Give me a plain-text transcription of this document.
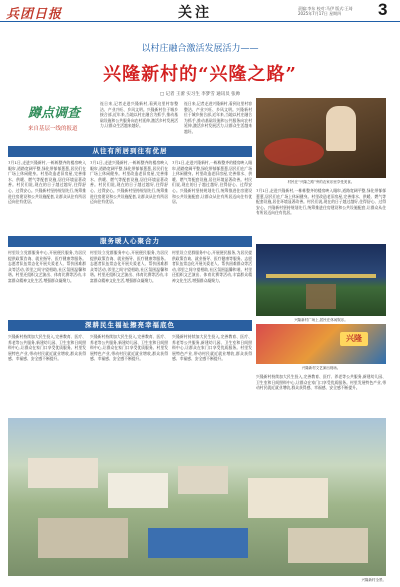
兵团日报	关注	责编:李东 校对:马伊 版式:王琦
2025年7月17日 星期四	3
以村庄融合激活发展活力——
兴隆新村的“兴隆之路”
□ 记者 王蕾 实习生 李梦雪 通讯员 张帅
蹲点调查
来自基层一线的报道
连日来,记者走进兴隆新村,看到这里村容整洁、产业兴旺、乡风文明。兴隆新村位于城乡接合部,近年来,当地以村庄融合为抓手,推动基础设施和公共服务向农村延伸,激活乡村发展活力,让群众生活越来越好。
连日来,记者走进兴隆新村,看到这里村容整洁、产业兴旺、乡风文明。兴隆新村位于城乡接合部,近年来,当地以村庄融合为抓手,推动基础设施和公共服务向农村延伸,激活乡村发展活力,让群众生活越来越好。
村民在“兴隆之路”旁的农家乐里享受美食。
从往有所居到往有优居
7月1日,走进兴隆新村,一栋栋整齐的楼房映入眼帘,道路宽阔平整,绿化带郁郁葱葱,居民们在广场上休闲健身。村里改造老旧房屋,完善排水、供暖、燃气等配套设施,居住环境显著改善。村民们说,现在的日子越过越好,住得舒心、过得安心。兴隆新村坚持规划先行,统筹推进住房建设和公共设施配套,让群众从住有所居迈向住有优居。
7月1日,走进兴隆新村,一栋栋整齐的楼房映入眼帘,道路宽阔平整,绿化带郁郁葱葱,居民们在广场上休闲健身。村里改造老旧房屋,完善排水、供暖、燃气等配套设施,居住环境显著改善。村民们说,现在的日子越过越好,住得舒心、过得安心。兴隆新村坚持规划先行,统筹推进住房建设和公共设施配套,让群众从住有所居迈向住有优居。
7月1日,走进兴隆新村,一栋栋整齐的楼房映入眼帘,道路宽阔平整,绿化带郁郁葱葱,居民们在广场上休闲健身。村里改造老旧房屋,完善排水、供暖、燃气等配套设施,居住环境显著改善。村民们说,现在的日子越过越好,住得舒心、过得安心。兴隆新村坚持规划先行,统筹推进住房建设和公共设施配套,让群众从住有所居迈向住有优居。
7月1日,走进兴隆新村,一栋栋整齐的楼房映入眼帘,道路宽阔平整,绿化带郁郁葱葱,居民们在广场上休闲健身。村里改造老旧房屋,完善排水、供暖、燃气等配套设施,居住环境显著改善。村民们说,现在的日子越过越好,住得舒心、过得安心。兴隆新村坚持规划先行,统筹推进住房建设和公共设施配套,让群众从住有所居迈向住有优居。
服务暖人心聚合力
村里设立党群服务中心,开展便民服务,为居民提供政策咨询、就业指导、医疗健康等服务。志愿者队伍常态化开展关爱老人、帮扶困难群众等活动,邻里之间守望相助,社区氛围温馨和谐。村里还组织文艺演出、体育比赛等活动,丰富群众精神文化生活,增强群众凝聚力。
村里设立党群服务中心,开展便民服务,为居民提供政策咨询、就业指导、医疗健康等服务。志愿者队伍常态化开展关爱老人、帮扶困难群众等活动,邻里之间守望相助,社区氛围温馨和谐。村里还组织文艺演出、体育比赛等活动,丰富群众精神文化生活,增强群众凝聚力。
村里设立党群服务中心,开展便民服务,为居民提供政策咨询、就业指导、医疗健康等服务。志愿者队伍常态化开展关爱老人、帮扶困难群众等活动,邻里之间守望相助,社区氛围温馨和谐。村里还组织文艺演出、体育比赛等活动,丰富群众精神文化生活,增强群众凝聚力。
兴隆新村广场上,居民在休闲娱乐。
深耕民生福祉擦亮幸福底色
兴隆新村持续加大民生投入,完善教育、医疗、养老等公共服务,新建幼儿园、卫生室和日间照料中心,让群众在家门口享受优质服务。村里发展特色产业,带动村民就近就业增收,群众获得感、幸福感、安全感不断提升。
兴隆新村持续加大民生投入,完善教育、医疗、养老等公共服务,新建幼儿园、卫生室和日间照料中心,让群众在家门口享受优质服务。村里发展特色产业,带动村民就近就业增收,群众获得感、幸福感、安全感不断提升。
兴隆新村持续加大民生投入,完善教育、医疗、养老等公共服务,新建幼儿园、卫生室和日间照料中心,让群众在家门口享受优质服务。村里发展特色产业,带动村民就近就业增收,群众获得感、幸福感、安全感不断提升。
兴隆
兴隆新村文艺演出现场。
兴隆新村持续加大民生投入,完善教育、医疗、养老等公共服务,新建幼儿园、卫生室和日间照料中心,让群众在家门口享受优质服务。村里发展特色产业,带动村民就近就业增收,群众获得感、幸福感、安全感不断提升。
兴隆新村全景。
